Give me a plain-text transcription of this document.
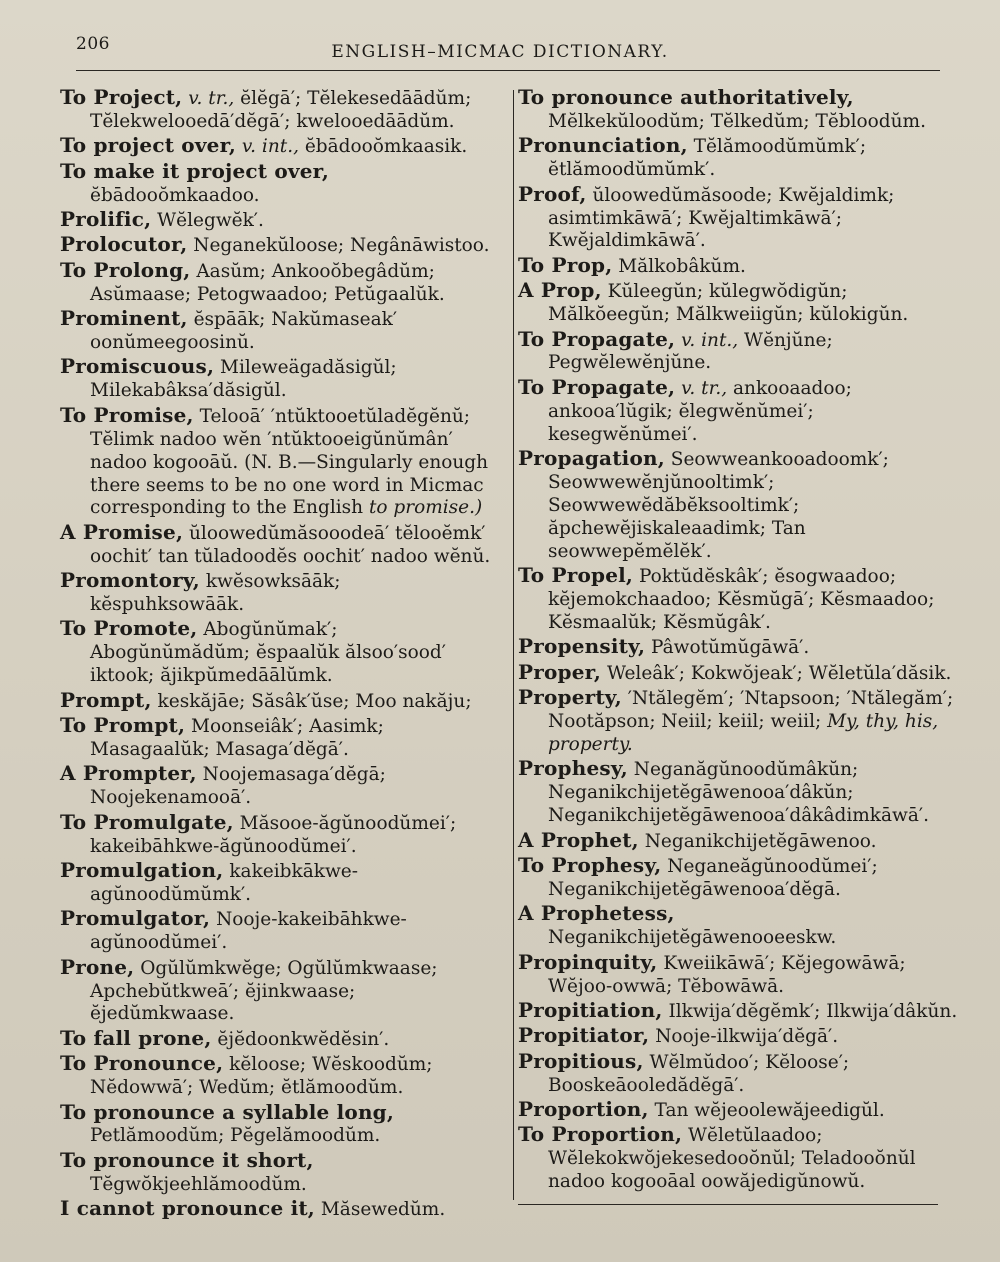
206	ENGLISH–MICMAC DICTIONARY.

To Project, v. tr., ĕlĕgā′; Tĕlekesedāādŭm; Tĕlekwelooedā′dĕgā′; kwelooedāādŭm.

To project over, v. int., ĕbādooŏmkaasik.

To make it project over, ĕbādooŏmkaadoo.

Prolific, Wĕlegwĕk′.

Prolocutor, Neganekŭloose; Negânāwistoo.

To Prolong, Aasŭm; Ankooŏbegâdŭm; Asŭmaase; Petogwaadoo; Petŭgaalŭk.

Prominent, ĕspāāk; Nakŭmaseak′ oonŭmeegoosinŭ.

Promiscuous, Mileweägadăsigŭl; Milekabâksa′dăsigŭl.

To Promise, Telooā′ ′ntŭktooetŭladĕgĕnŭ; Tĕlimk nadoo wĕn ′ntŭktooeigŭnŭmân′ nadoo kogooāŭ. (N. B.—Singularly enough there seems to be no one word in Micmac corresponding to the English to promise.)

A Promise, ŭloowedŭmăsooodeā′ tĕlooĕmk′ oochit′ tan tŭladoodĕs oochit′ nadoo wĕnŭ.

Promontory, kwĕsowksāāk; kĕspuhksowāāk.

To Promote, Abogŭnŭmak′; Abogŭnŭmădŭm; ĕspaalŭk ălsoo′sood′ iktook; ăjikpŭmedāālŭmk.

Prompt, keskăjāe; Săsâk′ŭse; Moo nakăju;

To Prompt, Moonseiâk′; Aasimk; Masagaalŭk; Masaga′dĕgā′.

A Prompter, Noojemasaga′dĕgā; Noojekenamooā′.

To Promulgate, Măsooe-ăgŭnoodŭmei′; kakeibāhkwe-ăgŭnoodŭmei′.

Promulgation, kakeibkākwe-agŭnoodŭmŭmk′.

Promulgator, Nooje-kakeibāhkwe-agŭnoodŭmei′.

Prone, Ogŭlŭmkwĕge; Ogŭlŭmkwaase; Apchebŭtkweā′; ĕjinkwaase; ĕjedŭmkwaase.

To fall prone, ĕjĕdoonkwĕdĕsin′.

To Pronounce, kĕloose; Wĕskoodŭm; Nĕdowwā′; Wedŭm; ĕtlămoodŭm.

To pronounce a syllable long, Petlămoodŭm; Pĕgelămoodŭm.

To pronounce it short, Tĕgwŏkjeehlămoodŭm.

I cannot pronounce it, Măsewedŭm.

To pronounce authoritatively, Mĕlkekŭloodŭm; Tĕlkedŭm; Tĕbloodŭm.

Pronunciation, Tĕlămoodŭmŭmk′; ĕtlămoodŭmŭmk′.

Proof, ŭloowedŭmăsoode; Kwĕjaldimk; asimtimkāwā′; Kwĕjaltimkāwā′; Kwĕjaldimkāwā′.

To Prop, Mălkobâkŭm.

A Prop, Kŭleegŭn; kŭlegwŏdigŭn; Mălkŏeegŭn; Mălkweiigŭn; kŭlokigŭn.

To Propagate, v. int., Wĕnjŭne; Pegwĕlewĕnjŭne.

To Propagate, v. tr., ankooaadoo; ankooa′lŭgik; ĕlegwĕnŭmei′; kesegwĕnŭmei′.

Propagation, Seowweankooadoomk′; Seowwewĕnjŭnooltimk′; Seowwewĕdăbĕksooltimk′; ăpchewĕjiskaleaadimk; Tan seowwepĕmĕlĕk′.

To Propel, Poktŭdĕskâk′; ĕsogwaadoo; kĕjemokchaadoo; Kĕsmŭgā′; Kĕsmaadoo; Kĕsmaalŭk; Kĕsmŭgâk′.

Propensity, Pâwotŭmŭgāwā′.

Proper, Weleâk′; Kokwŏjeak′; Wĕletŭla′dăsik.

Property, ′Ntălegĕm′; ′Ntapsoon; ′Ntălegăm′; Nootăpson; Neiil; keiil; weiil; My, thy, his, property.

Prophesy, Neganăgŭnoodŭmâkŭn; Neganikchijetĕgāwenooa′dâkŭn; Neganikchijetĕgāwenooa′dâkâdimkāwā′.

A Prophet, Neganikchijetĕgāwenoo.

To Prophesy, Neganeăgŭnoodŭmei′; Neganikchijetĕgāwenooa′dĕgā.

A Prophetess, Neganikchijetĕgāwenooeeskw.

Propinquity, Kweiikāwā′; Kĕjegowāwā; Wĕjoo-owwā; Tĕbowāwā.

Propitiation, Ilkwija′dĕgĕmk′; Ilkwija′dâkŭn.

Propitiator, Nooje-ilkwija′dĕgā′.

Propitious, Wĕlmŭdoo′; Kĕloose′; Booskeāooledădĕgā′.

Proportion, Tan wĕjeoolewăjeedigŭl.

To Proportion, Wĕletŭlaadoo; Wĕlekokwŏjekesedooŏnŭl; Teladooŏnŭl nadoo kogooāal oowăjedigŭnowŭ.
